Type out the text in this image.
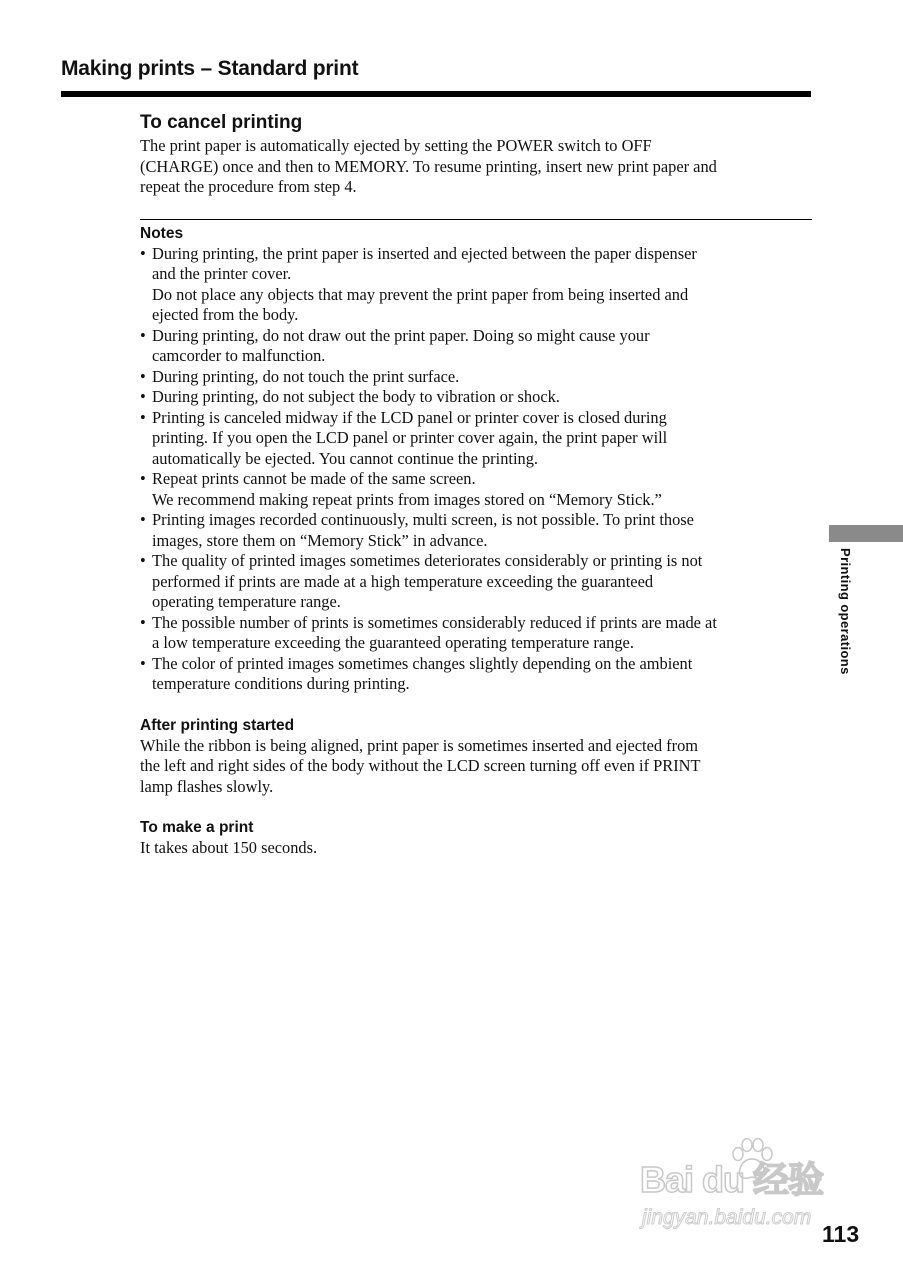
Making prints – Standard print
To cancel printing

The print paper is automatically ejected by setting the POWER switch to OFF

(CHARGE) once and then to MEMORY. To resume printing, insert new print paper and

repeat the procedure from step 4.

Notes
• During printing, the print paper is inserted and ejected between the paper dispenser
and the printer cover.
Do not place any objects that may prevent the print paper from being inserted and
ejected from the body.
• During printing, do not draw out the print paper. Doing so might cause your
camcorder to malfunction.
• During printing, do not touch the print surface.
• During printing, do not subject the body to vibration or shock.
• Printing is canceled midway if the LCD panel or printer cover is closed during
printing. If you open the LCD panel or printer cover again, the print paper will
automatically be ejected. You cannot continue the printing.
• Repeat prints cannot be made of the same screen.
We recommend making repeat prints from images stored on “Memory Stick.”
• Printing images recorded continuously, multi screen, is not possible. To print those
images, store them on “Memory Stick” in advance.
• The quality of printed images sometimes deteriorates considerably or printing is not
performed if prints are made at a high temperature exceeding the guaranteed
operating temperature range.
• The possible number of prints is sometimes considerably reduced if prints are made at
a low temperature exceeding the guaranteed operating temperature range.
• The color of printed images sometimes changes slightly depending on the ambient
temperature conditions during printing.
After printing started

While the ribbon is being aligned, print paper is sometimes inserted and ejected from

the left and right sides of the body without the LCD screen turning off even if PRINT

lamp flashes slowly.

To make a print

It takes about 150 seconds.

Printing operations
Bai du 经验
jingyan.baidu.com
113
